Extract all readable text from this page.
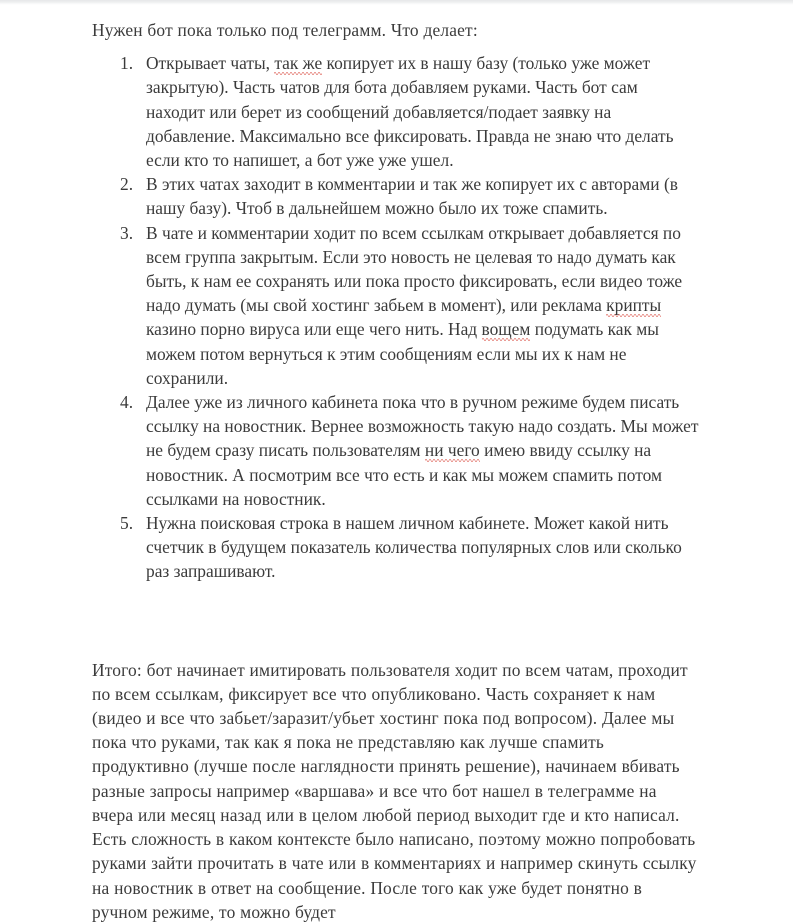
Нужен бот пока только под телеграмм. Что делает:

Открывает чаты, так же копирует их в нашу базу (только уже может закрытую). Часть чатов для бота добавляем руками. Часть бот сам находит или берет из сообщений добавляется/подает заявку на добавление. Максимально все фиксировать. Правда не знаю что делать если кто то напишет, а бот уже уже ушел.
В этих чатах заходит в комментарии и так же копирует их с авторами (в нашу базу). Чтоб в дальнейшем можно было их тоже спамить.
В чате и комментарии ходит по всем ссылкам открывает добавляется по всем группа закрытым. Если это новость не целевая то надо думать как быть, к нам ее сохранять или пока просто фиксировать, если видео тоже надо думать (мы свой хостинг забьем в момент), или реклама крипты казино порно вируса или еще чего нить. Над вощем подумать как мы можем потом вернуться к этим сообщениям если мы их к нам не сохранили.
Далее уже из личного кабинета пока что в ручном режиме будем писать ссылку на новостник. Вернее возможность такую надо создать. Мы может не будем сразу писать пользователям ни чего имею ввиду ссылку на новостник. А посмотрим все что есть и как мы можем спамить потом ссылками на новостник.
Нужна поисковая строка в нашем личном кабинете. Может какой нить счетчик в будущем показатель количества популярных слов или сколько раз запрашивают.

Итого: бот начинает имитировать пользователя ходит по всем чатам, проходит по всем ссылкам, фиксирует все что опубликовано. Часть сохраняет к нам (видео и все что забьет/заразит/убьет хостинг пока под вопросом). Далее мы пока что руками, так как я пока не представляю как лучше спамить продуктивно (лучше после наглядности принять решение), начинаем вбивать разные запросы например «варшава» и все что бот нашел в телеграмме на вчера или месяц назад или в целом любой период выходит где и кто написал. Есть сложность в каком контексте было написано, поэтому можно попробовать руками зайти прочитать в чате или в комментариях и например скинуть ссылку на новостник в ответ на сообщение. После того как уже будет понятно в ручном режиме, то можно будет
